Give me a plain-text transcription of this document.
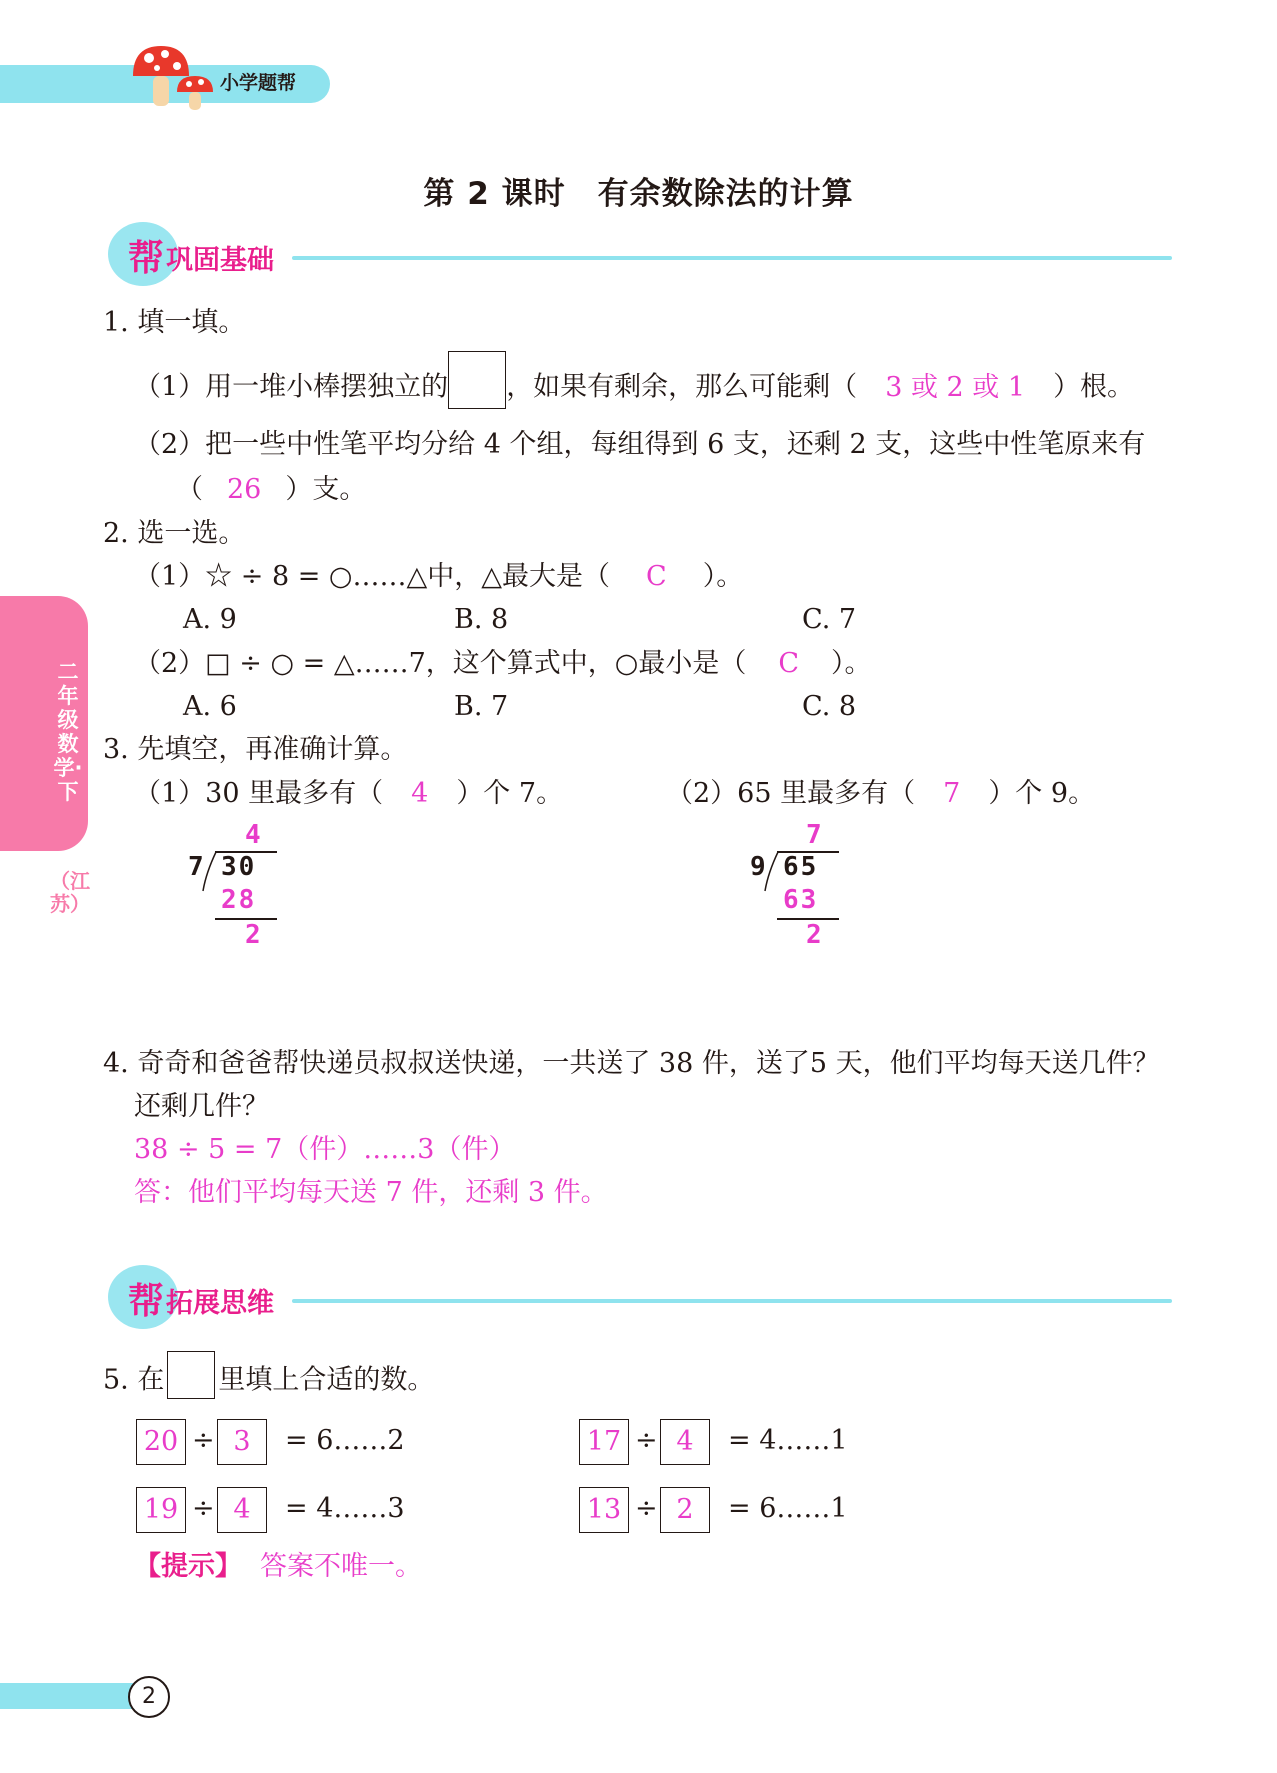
小学题帮
第 2 课时　有余数除法的计算
帮 巩固基础
二年级数学·下
（江苏）
1. 填一填。
（1）用一堆小棒摆独立的 ，如果有剩余，那么可能剩（ 3 或 2 或 1 ）根。
（2）把一些中性笔平均分给 4 个组，每组得到 6 支，还剩 2 支，这些中性笔原来有
（ 26 ）支。
2. 选一选。
（1）☆ ÷ 8 = ○……△中，△最大是（ C ）。
A. 9	B. 8	C. 7
（2）□ ÷ ○ = △……7，这个算式中，○最小是（ C ）。
A. 6	B. 7	C. 8
3. 先填空，再准确计算。
（1）30 里最多有（ 4 ）个 7。	（2）65 里最多有（ 7 ）个 9。
4
7 30
28
2
7
9 65
63
2
4. 奇奇和爸爸帮快递员叔叔送快递，一共送了 38 件，送了5 天，他们平均每天送几件？
还剩几件？
38 ÷ 5 = 7（件）……3（件）
答：他们平均每天送 7 件，还剩 3 件。
帮 拓展思维
5. 在 里填上合适的数。
20 ÷ 3	= 6……2	17 ÷ 4	= 4……1
19 ÷ 4	= 4……3	13 ÷ 2	= 6……1
【提示】 答案不唯一。
2
